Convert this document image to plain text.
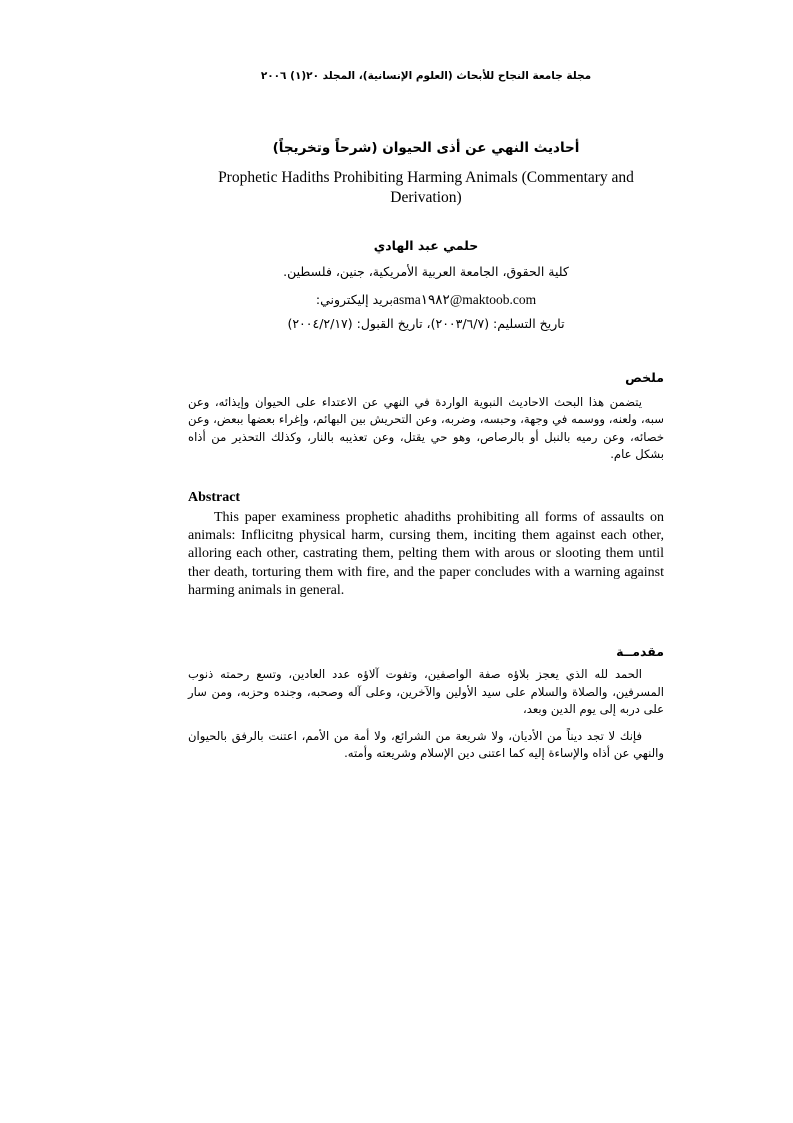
مجلة جامعة النجاح للأبحاث (العلوم الإنسانية)، المجلد ٢٠(١) ٢٠٠٦
أحاديث النهي عن أذى الحيوان (شرحاً وتخريجاً)
Prophetic Hadiths Prohibiting Harming Animals (Commentary and Derivation)
حلمي عبد الهادي
كلية الحقوق، الجامعة العربية الأمريكية، جنين، فلسطين.
asma١٩٨٢@maktoob.comبريد إليكتروني:
تاريخ التسليم: (٢٠٠٣/٦/٧)، تاريخ القبول: (٢٠٠٤/٢/١٧)
ملخص
يتضمن هذا البحث الاحاديث النبوية الواردة في النهي عن الاعتداء على الحيوان وإيذائه، وعن سبه، ولعنه، ووسمه في وجهة، وحبسه، وضربه، وعن التحريش بين البهائم، وإغراء بعضها ببعض، وعن خصائه، وعن رميه بالنبل أو بالرصاص، وهو حي يقتل، وعن تعذيبه بالنار، وكذلك التحذير من أذاه بشكل عام.
Abstract
This paper examiness prophetic ahadiths prohibiting all forms of assaults on animals: Inflicitng physical harm, cursing them, inciting them against each other, alloring each other, castrating them, pelting them with arous or slooting them until ther death, torturing them with fire, and the paper concludes with a warning against harming animals in general.
مقدمــة

الحمد لله الذي يعجز بلاؤه صفة الواصفين، وتفوت آلاؤه عدد العادين، وتسع رحمته ذنوب المسرفين، والصلاة والسلام على سيد الأولين والآخرين، وعلى آله وصحبه، وجنده وحزبه، ومن سار على دربه إلى يوم الدين وبعد،

فإنك لا تجد ديناً من الأديان، ولا شريعة من الشرائع، ولا أمة من الأمم، اعتنت بالرفق بالحيوان والنهي عن أذاه والإساءة إليه كما اعتنى دين الإسلام وشريعته وأمته.
